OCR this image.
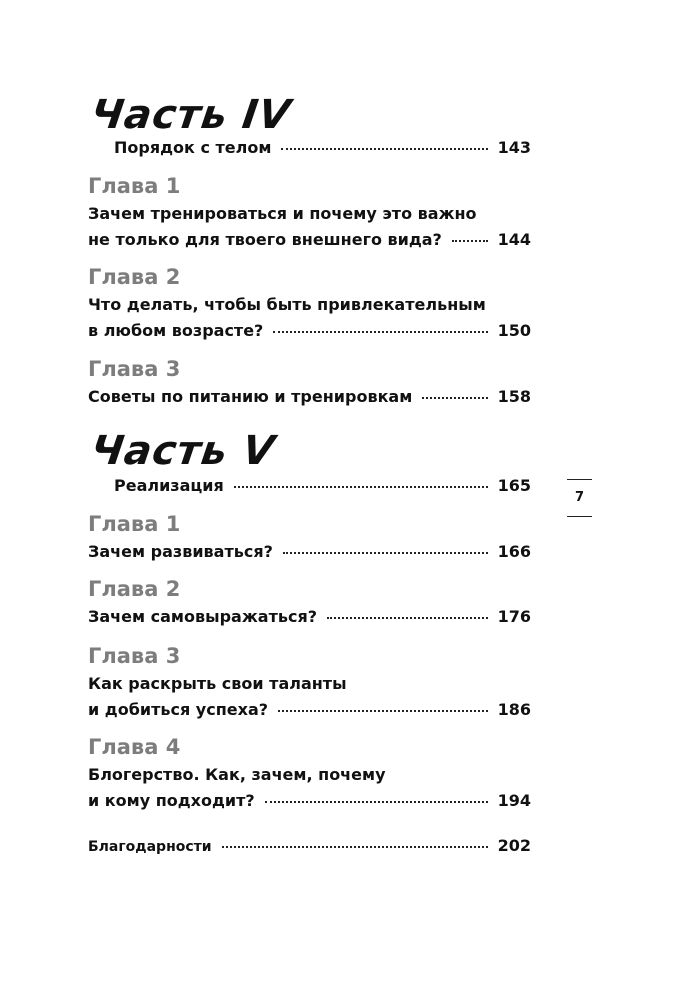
Часть IV
Порядок с телом	143
Глава 1
Зачем тренироваться и почему это важно
не только для твоего внешнего вида?	144
Глава 2
Что делать, чтобы быть привлекательным
в любом возрасте?	150
Глава 3
Советы по питанию и тренировкам	158
Часть V
Реализация	165
Глава 1
Зачем развиваться?	166
Глава 2
Зачем самовыражаться?	176
Глава 3
Как раскрыть свои таланты
и добиться успеха?	186
Глава 4
Блогерство. Как, зачем, почему
и кому подходит?	194
Благодарности	202
7
